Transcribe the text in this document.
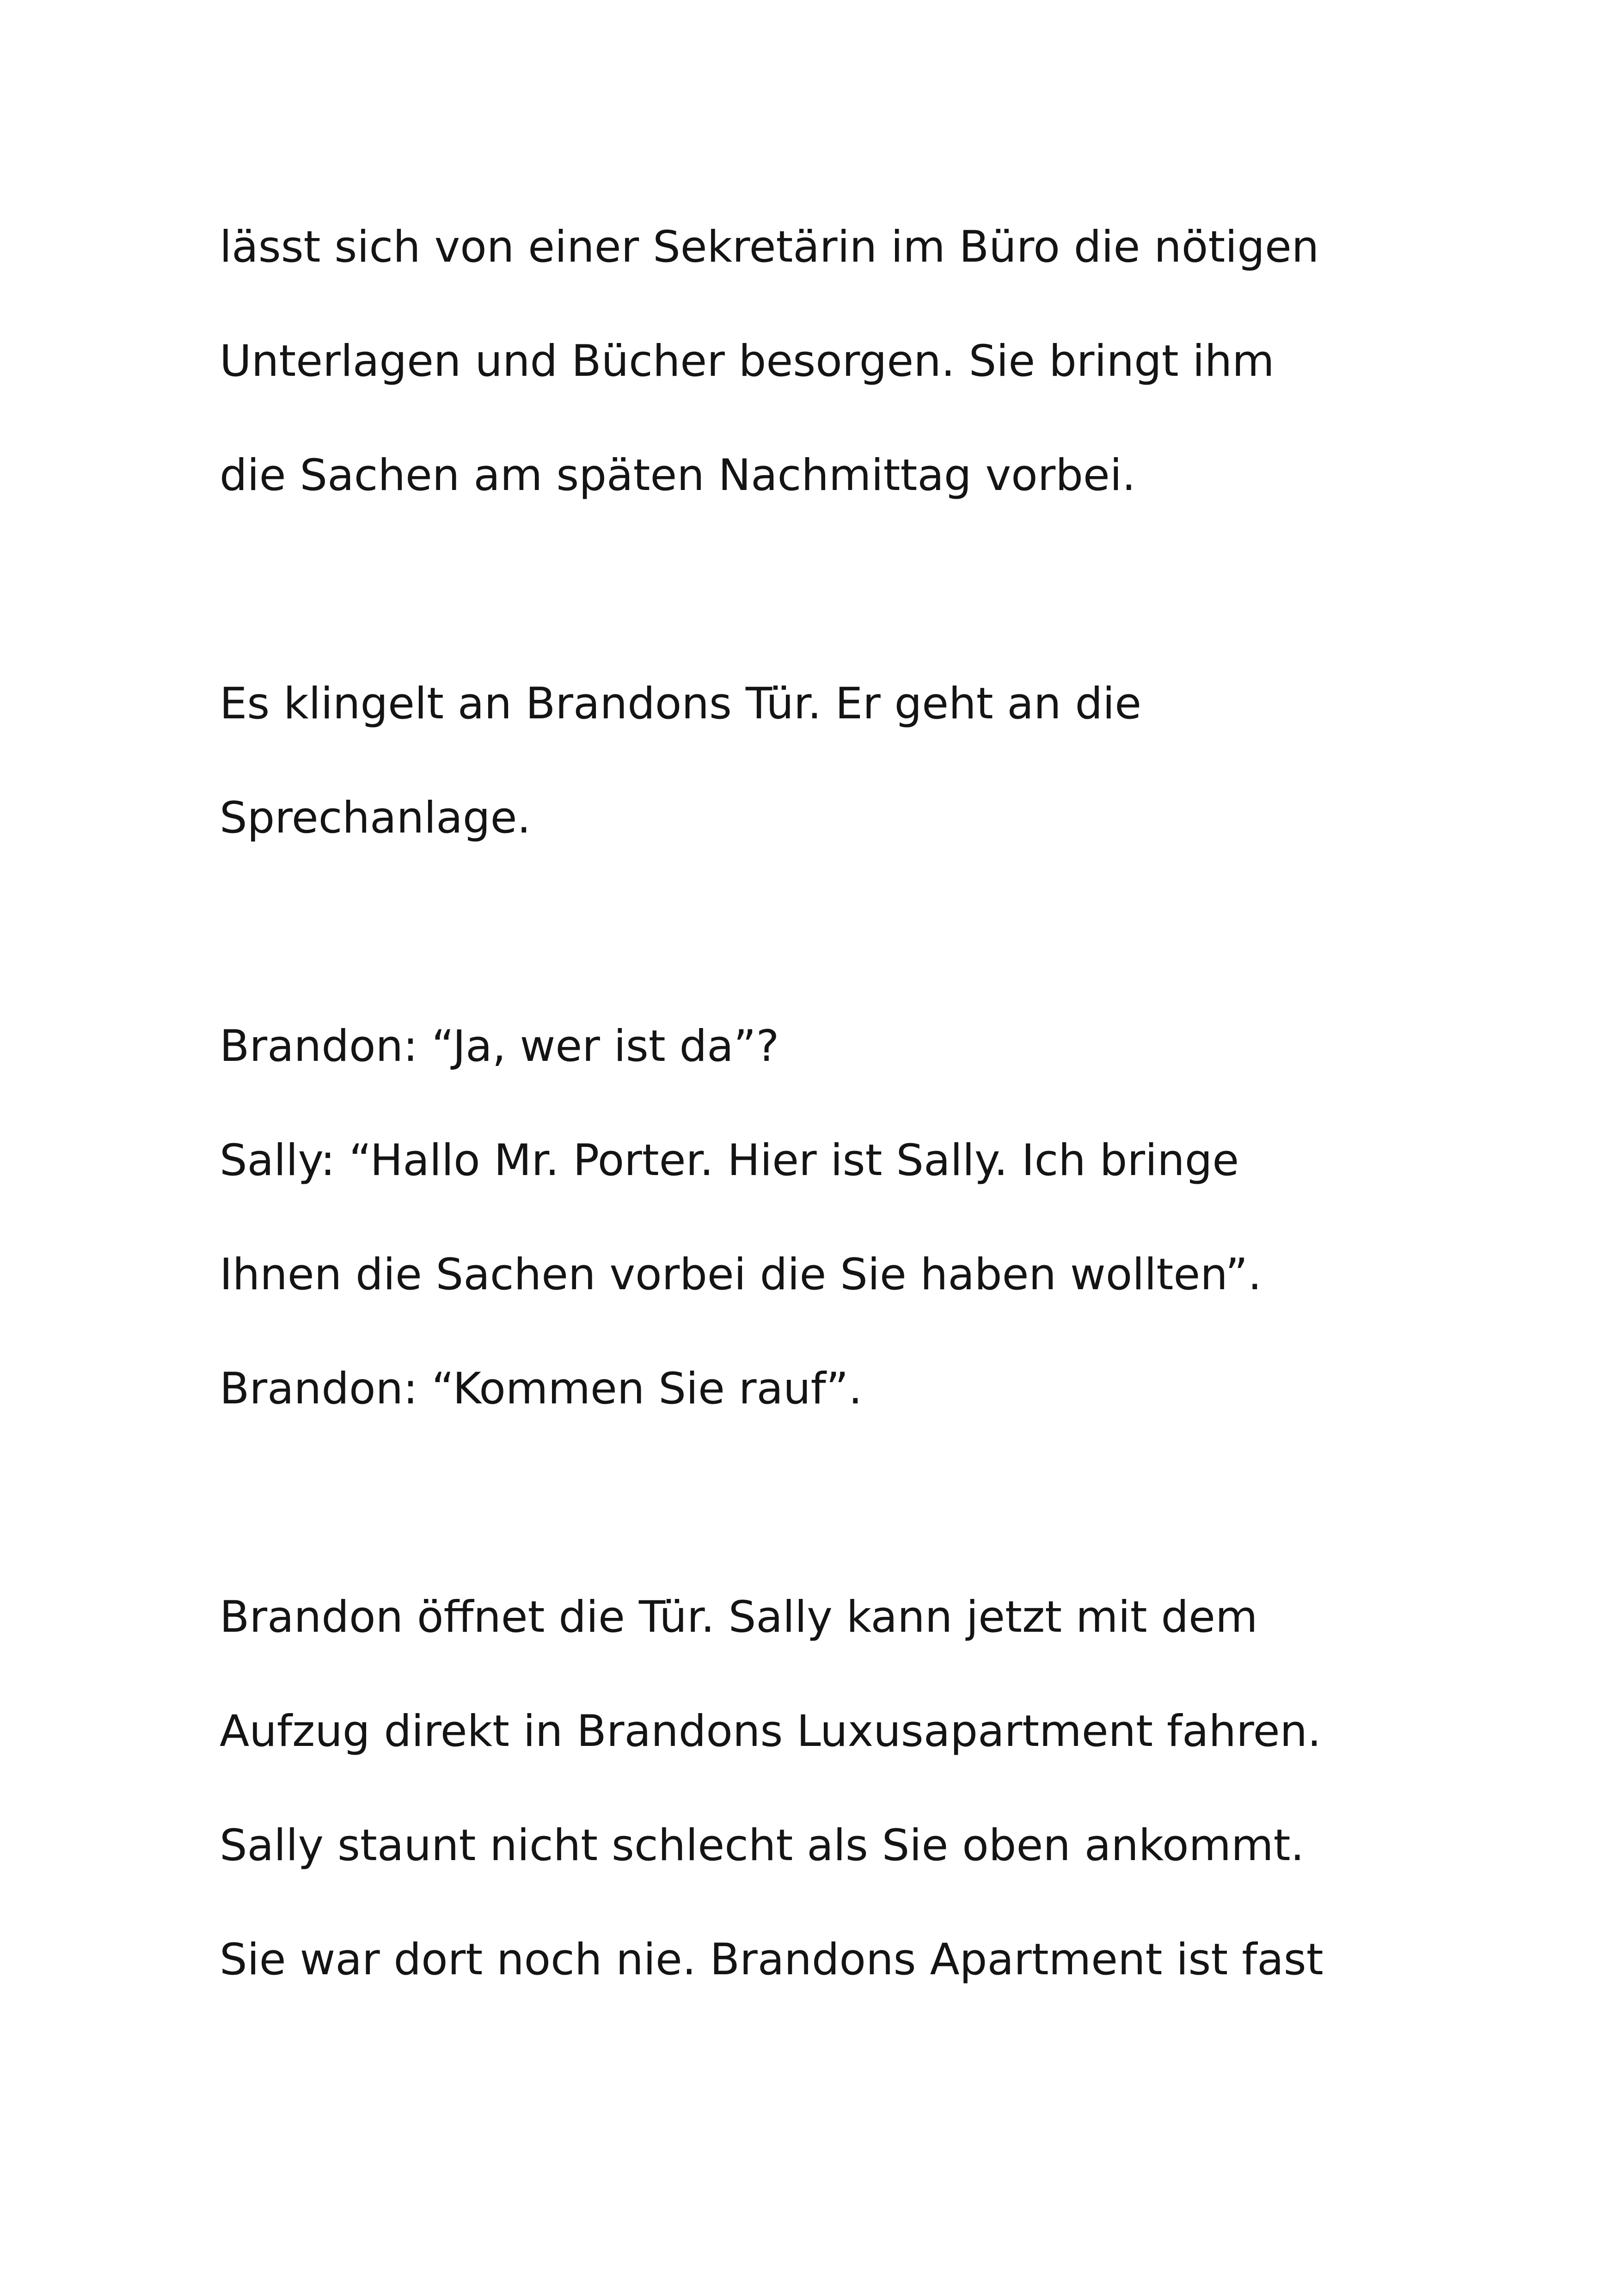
lässt sich von einer Sekretärin im Büro die nötigen

Unterlagen und Bücher besorgen. Sie bringt ihm

die Sachen am späten Nachmittag vorbei.

Es klingelt an Brandons Tür. Er geht an die

Sprechanlage.

Brandon: “Ja, wer ist da”?

Sally: “Hallo Mr. Porter. Hier ist Sally. Ich bringe

Ihnen die Sachen vorbei die Sie haben wollten”.

Brandon: “Kommen Sie rauf”.

Brandon öffnet die Tür. Sally kann jetzt mit dem

Aufzug direkt in Brandons Luxusapartment fahren.

Sally staunt nicht schlecht als Sie oben ankommt.

Sie war dort noch nie. Brandons Apartment ist fast
